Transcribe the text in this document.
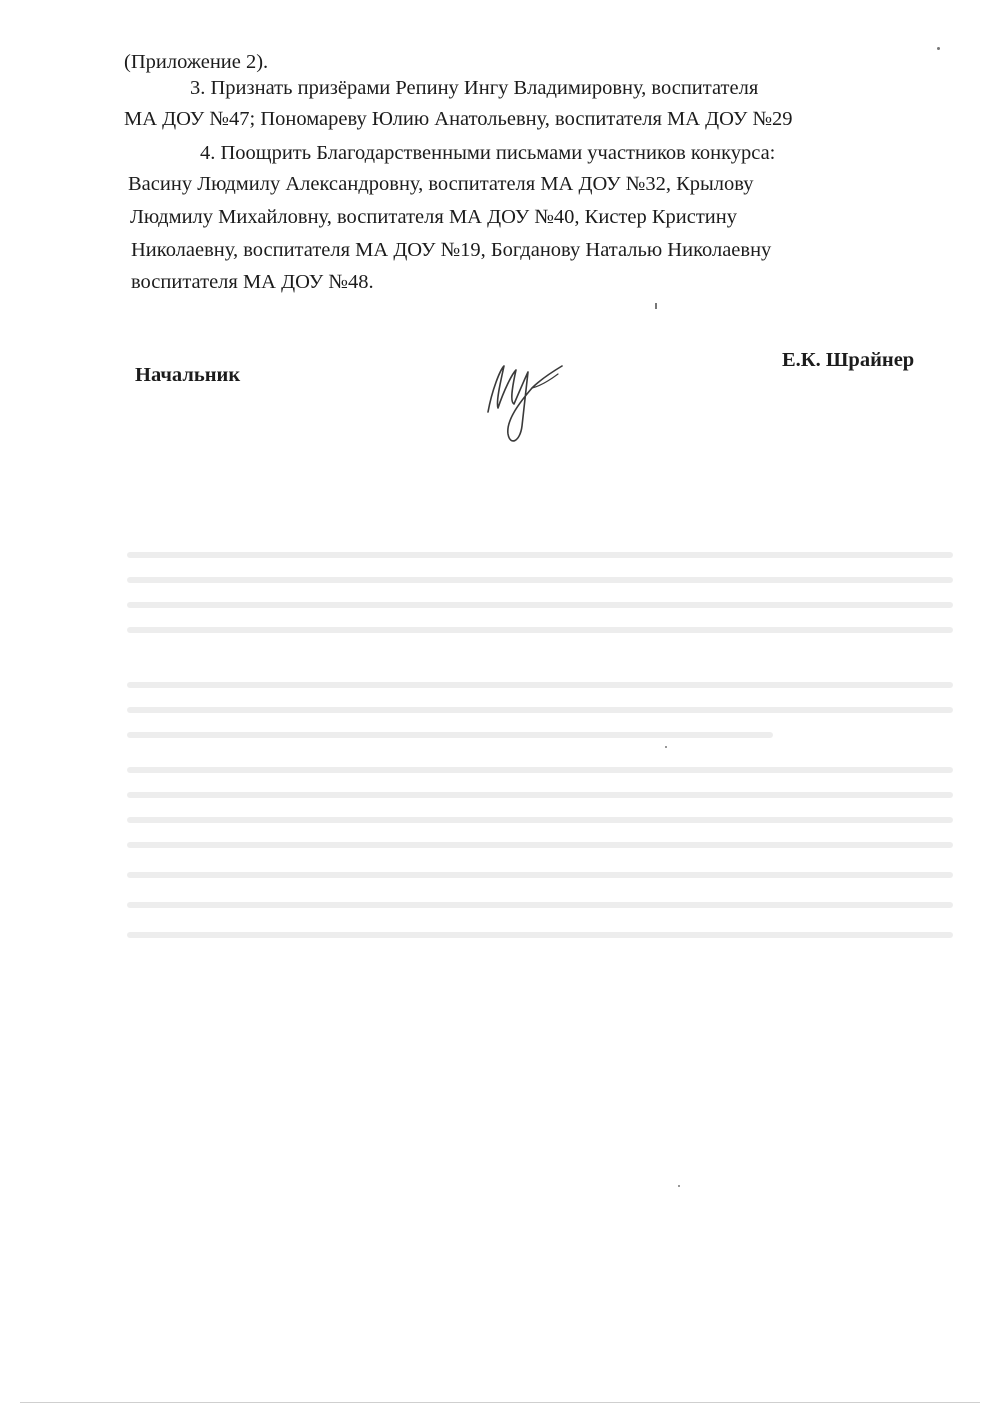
(Приложение 2).
3. Признать призёрами Репину Ингу Владимировну, воспитателя
МА ДОУ №47; Пономареву Юлию Анатольевну, воспитателя МА ДОУ №29
4. Поощрить Благодарственными письмами участников конкурса:
Васину Людмилу Александровну, воспитателя МА ДОУ №32, Крылову
Людмилу Михайловну, воспитателя МА ДОУ №40, Кистер Кристину
Николаевну, воспитателя МА ДОУ №19, Богданову Наталью Николаевну
воспитателя МА ДОУ №48.
Начальник
Е.К. Шрайнер
